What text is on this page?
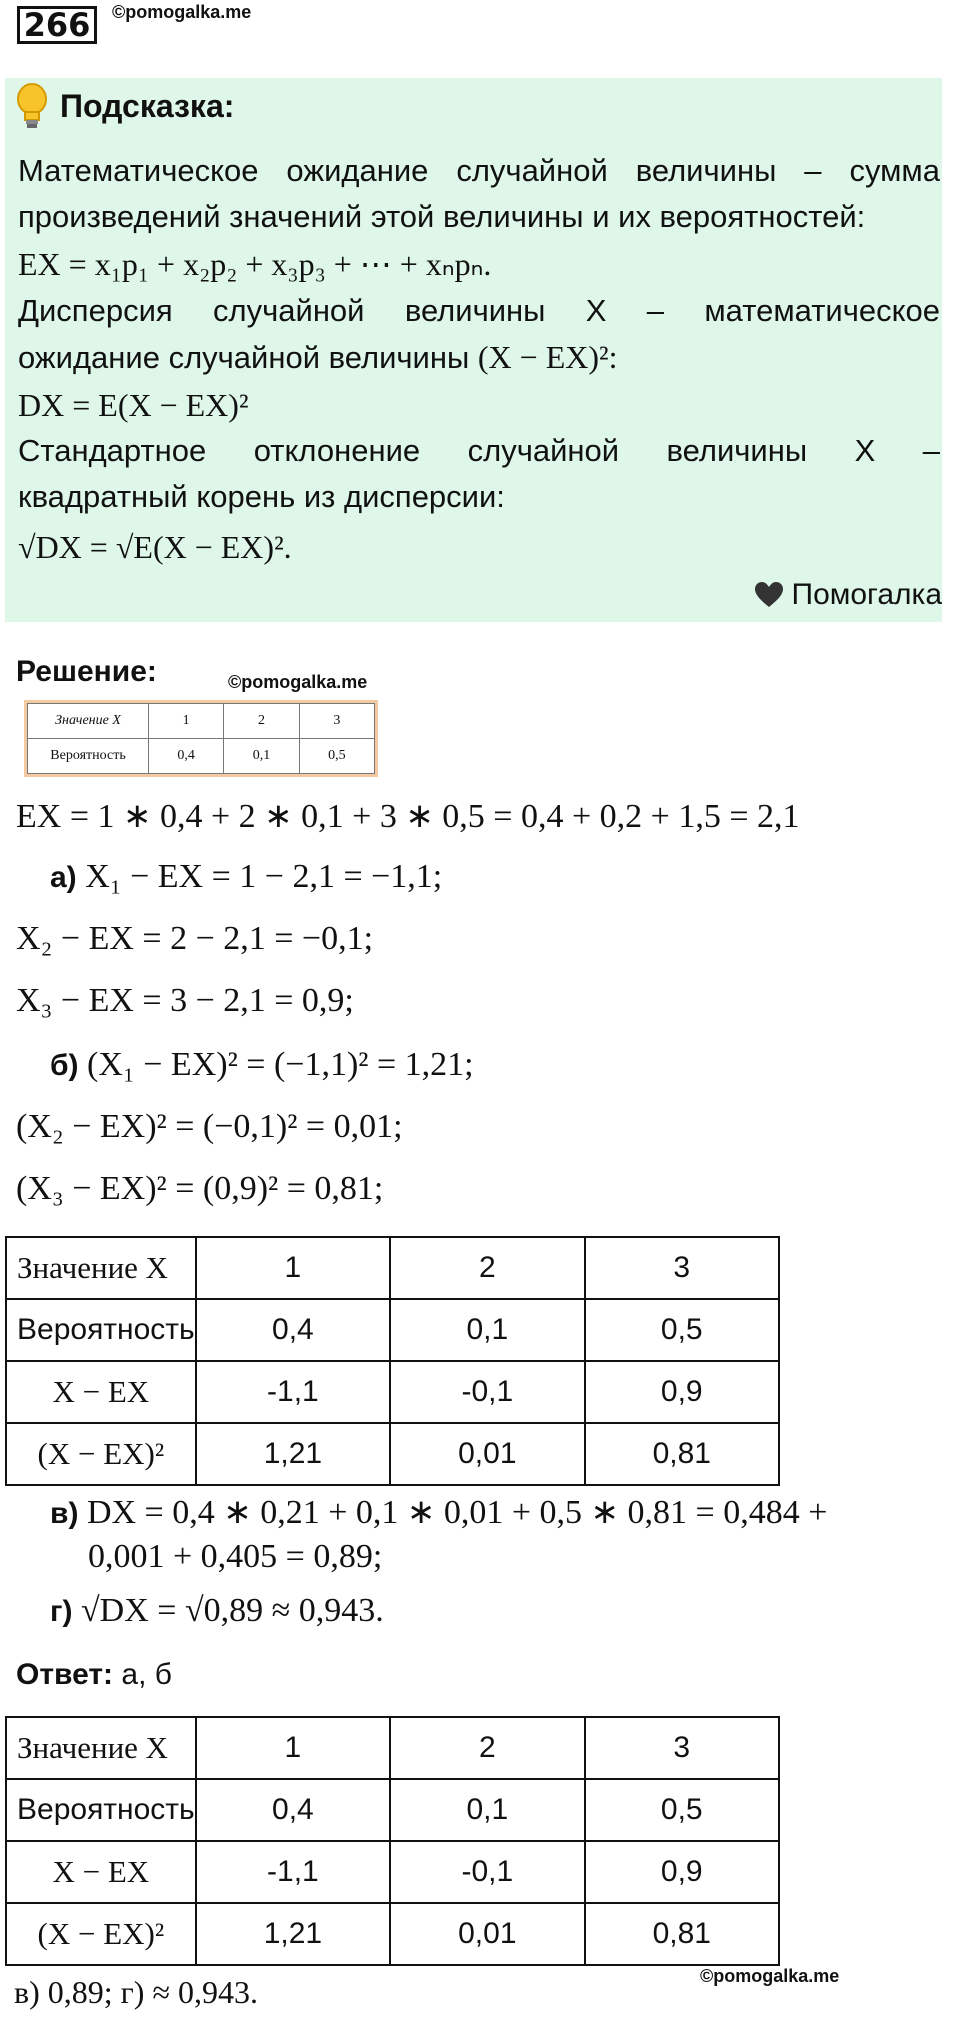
266	©pomogalka.me
Подсказка:
Математическое ожидание случайной величины – сумма
произведений значений этой величины и их вероятностей:
EX = x₁p₁ + x₂p₂ + x₃p₃ + ⋯ + xₙpₙ.
Дисперсия случайной величины X – математическое
ожидание случайной величины (X − EX)²:
DX = E(X − EX)²
Стандартное отклонение случайной величины X –
квадратный корень из дисперсии:
√DX = √E(X − EX)².
Помогалка
Решение:	©pomogalka.me
Значение X	1	2	3
Вероятность	0,4	0,1	0,5
EX = 1 ∗ 0,4 + 2 ∗ 0,1 + 3 ∗ 0,5 = 0,4 + 0,2 + 1,5 = 2,1
а) X₁ − EX = 1 − 2,1 = −1,1;
X₂ − EX = 2 − 2,1 = −0,1;
X₃ − EX = 3 − 2,1 = 0,9;
б) (X₁ − EX)² = (−1,1)² = 1,21;
(X₂ − EX)² = (−0,1)² = 0,01;
(X₃ − EX)² = (0,9)² = 0,81;
Значение X	1	2	3
Вероятность	0,4	0,1	0,5
X − EX	-1,1	-0,1	0,9
(X − EX)²	1,21	0,01	0,81
в) DX = 0,4 ∗ 0,21 + 0,1 ∗ 0,01 + 0,5 ∗ 0,81 = 0,484 +
0,001 + 0,405 = 0,89;
г) √DX = √0,89 ≈ 0,943.
Ответ: а, б
Значение X	1	2	3
Вероятность	0,4	0,1	0,5
X − EX	-1,1	-0,1	0,9
(X − EX)²	1,21	0,01	0,81
в) 0,89; г) ≈ 0,943.	©pomogalka.me
